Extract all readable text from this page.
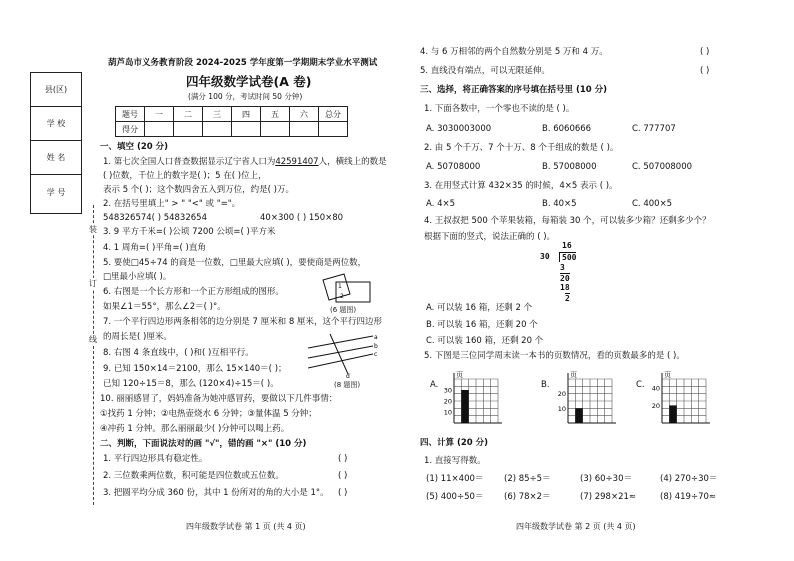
县(区)
学 校
姓 名
学 号
装
订
线
葫芦岛市义务教育阶段 2024-2025 学年度第一学期期末学业水平测试
四年级数学试卷(A 卷)
(满分 100 分，考试时间 50 分钟)
题号	一	二	三	四	五	六	总分
得分							
一、填空 (20 分)
1. 第七次全国人口普查数据显示辽宁省人口为42591407人，横线上的数是
( )位数，千位上的数字是( )；5 在( )位上，
表示 5 个( )；这个数四舍五入到万位，约是( )万。
2. 在括号里填上" > " "<" 或 "="。
548326574( ) 54832654	40×300 ( ) 150×80
3. 9 平方千米=( )公顷 7200 公顷=( )平方米
4. 1 周角=( )平角=( )直角
5. 要使□45÷74 的商是一位数，□里最大应填( )，要使商是两位数，
□里最小应填( )。
6. 右图是一个长方形和一个正方形组成的图形。
如果∠1＝55°，那么∠2＝( )°。
1
2
(6 题图)
7. 一个平行四边形两条相邻的边分别是 7 厘米和 8 厘米，这个平行四边形
的周长是( )厘米。
8. 右图 4 条直线中，( )和( )互相平行。
a
b
c
d
(8 题图)
9. 已知 150×14＝2100，那么 15×140＝( )；
已知 120÷15＝8，那么 (120×4)÷15＝( )。
10. 丽丽感冒了，妈妈准备为她冲感冒药，要做以下几件事情：
①找药 1 分钟；②电热壶烧水 6 分钟；③量体温 5 分钟；
④冲药 1 分钟。那么丽丽最少( )分钟可以喝上药。
二、判断，下面说法对的画 "√"，错的画 "×" (10 分)
1. 平行四边形具有稳定性。	( )
2. 三位数乘两位数，积可能是四位数或五位数。	( )
3. 把圆平均分成 360 份，其中 1 份所对的角的大小是 1°。 ( )
四年级数学试卷 第 1 页 (共 4 页)
4. 与 6 万相邻的两个自然数分别是 5 万和 4 万。	( )
5. 直线没有端点，可以无限延伸。	( )
三、选择，将正确答案的序号填在括号里 (10 分)
1. 下面各数中，一个零也不读的是 ( )。
A. 3030003000	B. 6060666	C. 777707
2. 由 5 个千万、7 个十万、8 个千组成的数是 ( )。
A. 50708000	B. 57008000	C. 507008000
3. 在用竖式计算 432×35 的时候，4×5 表示 ( )。
A. 4×5	B. 40×5	C. 400×5
4. 王叔叔把 500 个苹果装箱，每箱装 30 个，可以装多少箱？还剩多少个？
根据下面的竖式，说法正确的 ( )。
16
30	500
3
20
18
2
A. 可以装 16 箱，还剩 2 个
B. 可以装 16 箱，还剩 20 个
C. 可以装 160 箱，还剩 20 个
5. 下图是三位同学周末读一本书的页数情况，看的页数最多的是 ( )。
A.	B.	C.
页
30
20
10
页
20
10
页
40
20
四、计算 (20 分)
1. 直接写得数。
(1) 11×400＝ (2) 85÷5＝	(3) 60÷30＝	(4) 270÷30＝
(5) 400÷50＝ (6) 78×2＝	(7) 298×21≈	(8) 419÷70≈
四年级数学试卷 第 2 页 (共 4 页)
